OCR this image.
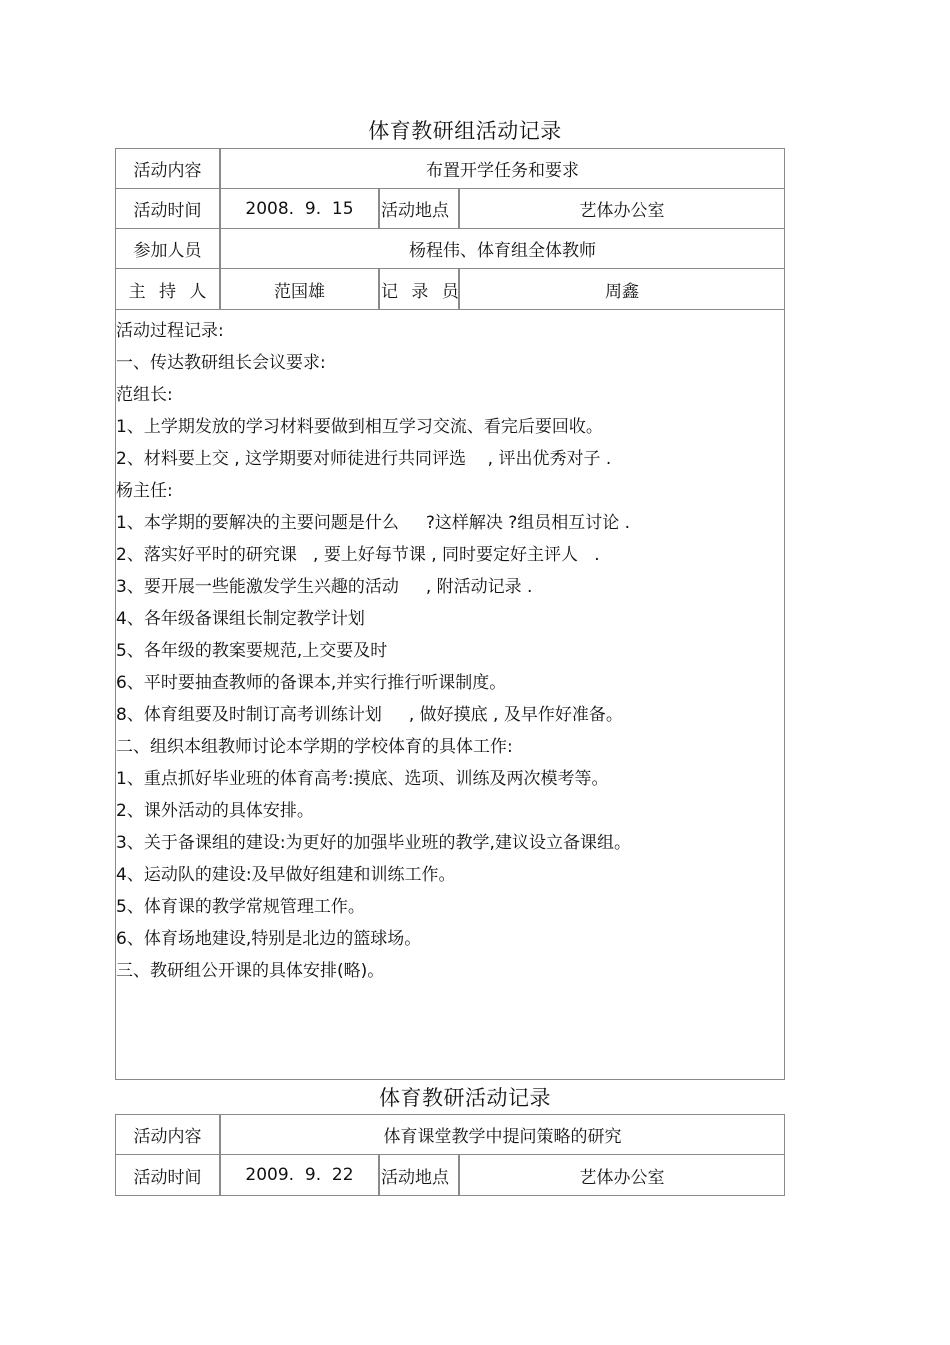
体育教研组活动记录
活动内容	布置开学任务和要求
活动时间	2008.  9.  15	活动地点	艺体办公室
参加人员	杨程伟、体育组全体教师
主 持 人	范国雄	记 录 员	周鑫
活动过程记录:
一、传达教研组长会议要求:
范组长:
1、上学期发放的学习材料要做到相互学习交流、看完后要回收。
2、材料要上交 , 这学期要对师徒进行共同评选    , 评出优秀对子 .
杨主任:
1、本学期的要解决的主要问题是什么     ?这样解决 ?组员相互讨论 .
2、落实好平时的研究课   , 要上好每节课 , 同时要定好主评人   .
3、要开展一些能激发学生兴趣的活动     , 附活动记录 .
4、各年级备课组长制定教学计划
5、各年级的教案要规范,上交要及时
6、平时要抽查教师的备课本,并实行推行听课制度。
8、体育组要及时制订高考训练计划     , 做好摸底 , 及早作好准备。
二、组织本组教师讨论本学期的学校体育的具体工作:
1、重点抓好毕业班的体育高考:摸底、选项、训练及两次模考等。
2、课外活动的具体安排。
3、关于备课组的建设:为更好的加强毕业班的教学,建议设立备课组。
4、运动队的建设:及早做好组建和训练工作。
5、体育课的教学常规管理工作。
6、体育场地建设,特别是北边的篮球场。
三、教研组公开课的具体安排(略)。
体育教研活动记录
活动内容	体育课堂教学中提问策略的研究
活动时间	2009.  9.  22	活动地点	艺体办公室
